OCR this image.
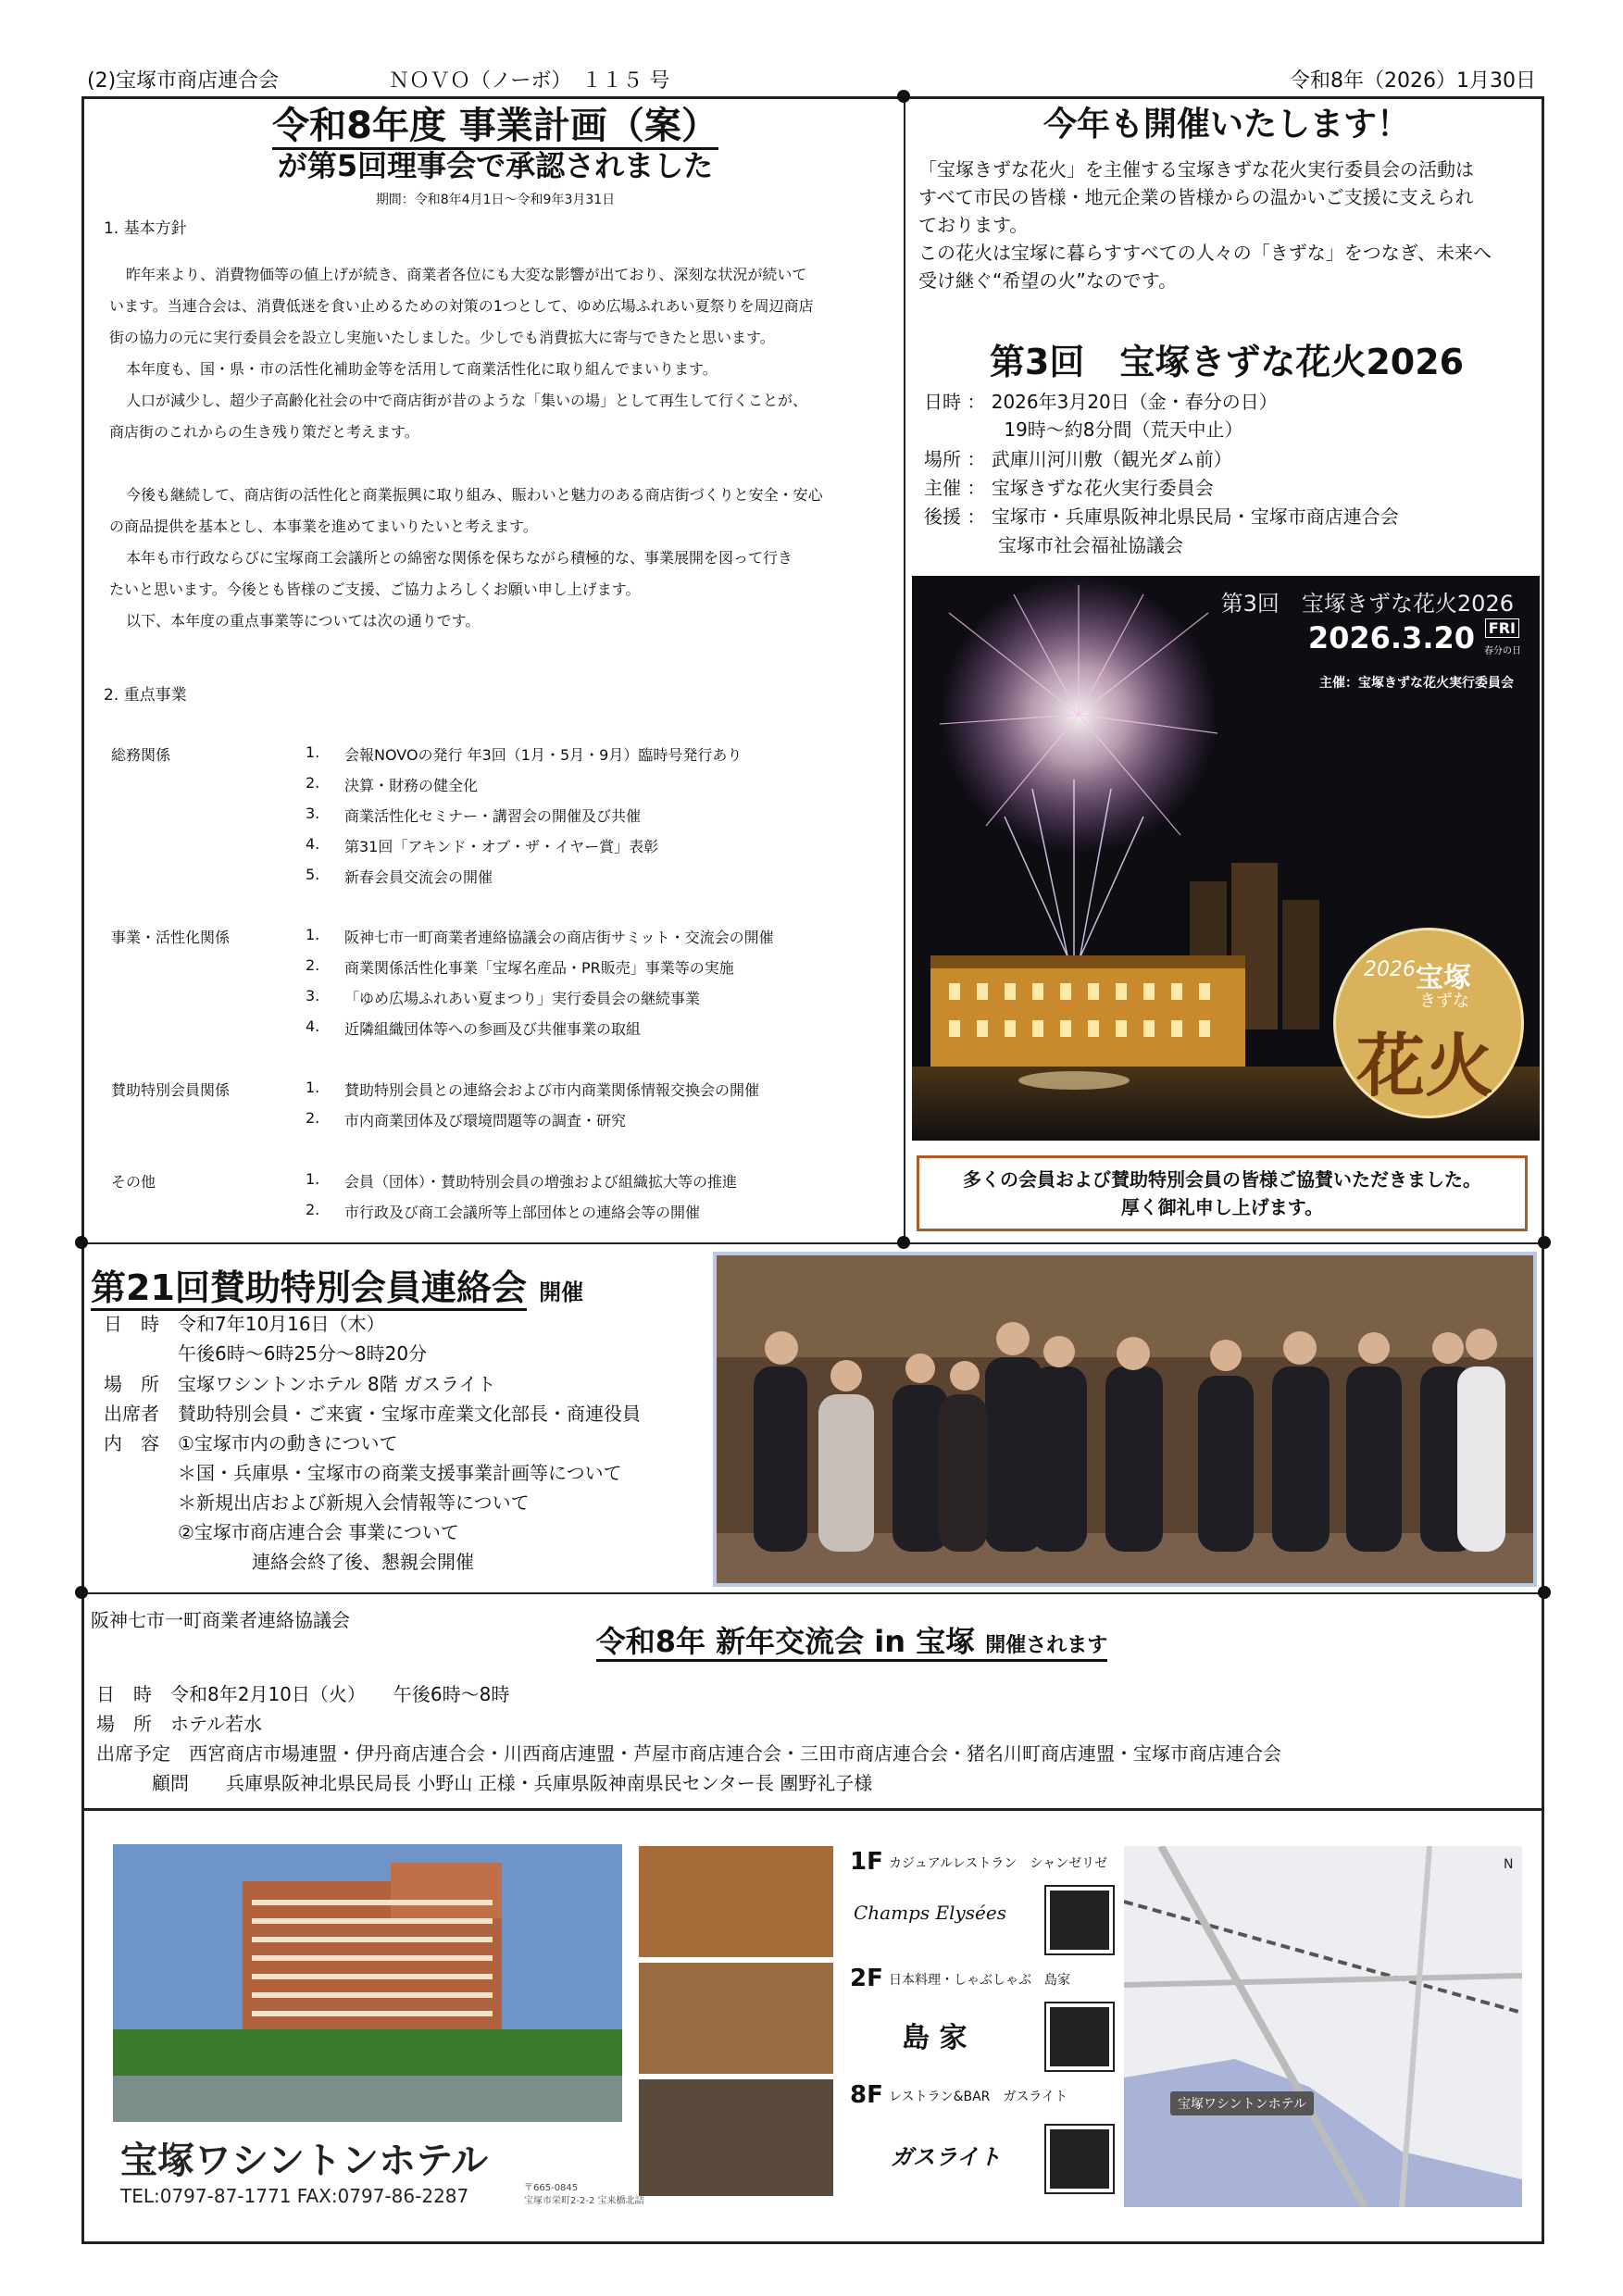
(2)宝塚市商店連合会	ＮＯＶＯ（ノーボ）　１１５ 号	令和8年（2026）1月30日
令和8年度 事業計画（案）
が第5回理事会で承認されました
期間：令和8年4月1日～令和9年3月31日
1. 基本方針
昨年来より、消費物価等の値上げが続き、商業者各位にも大変な影響が出ており、深刻な状況が続いて
います。当連合会は、消費低迷を食い止めるための対策の1つとして、ゆめ広場ふれあい夏祭りを周辺商店
街の協力の元に実行委員会を設立し実施いたしました。少しでも消費拡大に寄与できたと思います。
本年度も、国・県・市の活性化補助金等を活用して商業活性化に取り組んでまいります。
人口が減少し、超少子高齢化社会の中で商店街が昔のような「集いの場」として再生して行くことが、
商店街のこれからの生き残り策だと考えます。
今後も継続して、商店街の活性化と商業振興に取り組み、賑わいと魅力のある商店街づくりと安全・安心
の商品提供を基本とし、本事業を進めてまいりたいと考えます。
本年も市行政ならびに宝塚商工会議所との綿密な関係を保ちながら積極的な、事業展開を図って行き
たいと思います。今後とも皆様のご支援、ご協力よろしくお願い申し上げます。
以下、本年度の重点事業等については次の通りです。
2. 重点事業
総務関係	1. 会報NOVOの発行 年3回（1月・5月・9月）臨時号発行あり
2. 決算・財務の健全化
3. 商業活性化セミナー・講習会の開催及び共催
4. 第31回「アキンド・オブ・ザ・イヤー賞」表彰
5. 新春会員交流会の開催
事業・活性化関係	1. 阪神七市一町商業者連絡協議会の商店街サミット・交流会の開催
2. 商業関係活性化事業「宝塚名産品・PR販売」事業等の実施
3. 「ゆめ広場ふれあい夏まつり」実行委員会の継続事業
4. 近隣組織団体等への参画及び共催事業の取組
賛助特別会員関係	1. 賛助特別会員との連絡会および市内商業関係情報交換会の開催
2. 市内商業団体及び環境問題等の調査・研究
その他	1. 会員（団体）・賛助特別会員の増強および組織拡大等の推進
2. 市行政及び商工会議所等上部団体との連絡会等の開催
今年も開催いたします！
「宝塚きずな花火」を主催する宝塚きずな花火実行委員会の活動は
すべて市民の皆様・地元企業の皆様からの温かいご支援に支えられ
ております。
この花火は宝塚に暮らすすべての人々の「きずな」をつなぎ、未来へ
受け継ぐ“希望の火”なのです。
第3回　宝塚きずな花火2026
日時 ： 2026年3月20日（金・春分の日）
　　　　 19時～約8分間（荒天中止）
場所 ： 武庫川河川敷（観光ダム前）
主催 ： 宝塚きずな花火実行委員会
後援 ： 宝塚市・兵庫県阪神北県民局・宝塚市商店連合会
　　　　宝塚市社会福祉協議会
第3回　宝塚きずな花火2026
2026.3.20 FRI
春分の日
主催：宝塚きずな花火実行委員会
2026 宝塚
きずな
花火
多くの会員および賛助特別会員の皆様ご協賛いただきました。
厚く御礼申し上げます。
第21回賛助特別会員連絡会 開催
日　時　令和7年10月16日（木）
　　　　午後6時～6時25分～8時20分
場　所　宝塚ワシントンホテル 8階 ガスライト
出席者　賛助特別会員・ご来賓・宝塚市産業文化部長・商連役員
内　容　①宝塚市内の動きについて
　　　　＊国・兵庫県・宝塚市の商業支援事業計画等について
　　　　＊新規出店および新規入会情報等について
　　　　②宝塚市商店連合会 事業について
　　　　　　　　連絡会終了後、懇親会開催
阪神七市一町商業者連絡協議会
令和8年 新年交流会 in 宝塚 開催されます
日　時　令和8年2月10日（火）　　午後6時～8時
場　所　ホテル若水
出席予定　西宮商店市場連盟・伊丹商店連合会・川西商店連盟・芦屋市商店連合会・三田市商店連合会・猪名川町商店連盟・宝塚市商店連合会
　　　顧問　　兵庫県阪神北県民局長 小野山 正様・兵庫県阪神南県民センター長 團野礼子様
宝塚ワシントンホテル
TEL:0797-87-1771 FAX:0797-86-2287	〒665-0845
宝塚市栄町2-2-2 宝来橋北詰
1F カジュアルレストラン　シャンゼリゼ
Champs Elysées
2F 日本料理・しゃぶしゃぶ　島家
島 家
8F レストラン&BAR　ガスライト
ガスライト
N
宝塚ワシントンホテル
